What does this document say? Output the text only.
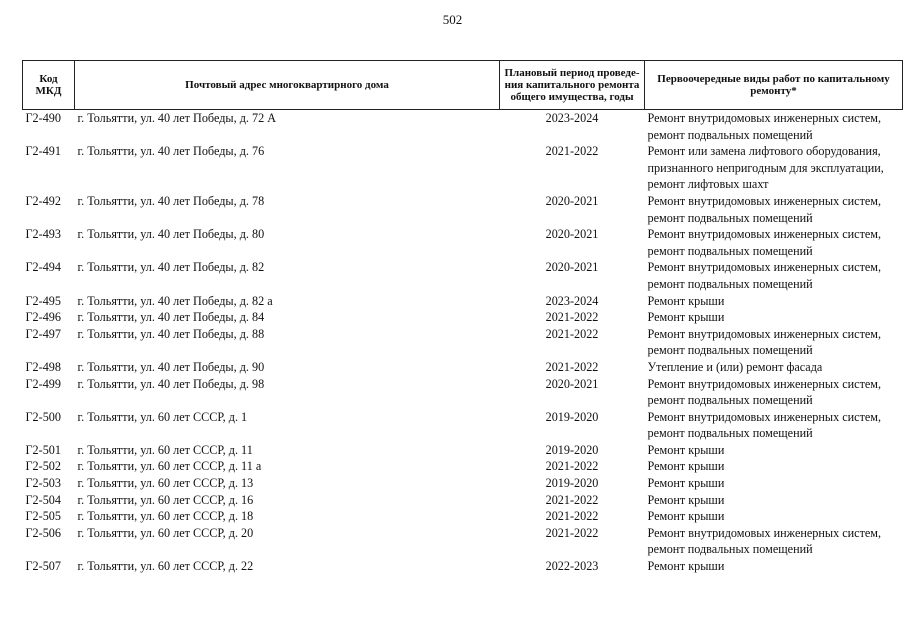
502
Код МКД	Почтовый адрес многоквартирного дома	Плановый период проведе-ния капитального ремонта общего имущества, годы	Первоочередные виды работ по капитальному ремонту*
Г2-490	г. Тольятти, ул. 40 лет Победы, д. 72 А	2023-2024	Ремонт внутридомовых инженерных систем,
ремонт подвальных помещений

Г2-491	г. Тольятти, ул. 40 лет Победы, д. 76	2021-2022	Ремонт или замена лифтового оборудования,
признанного непригодным для эксплуатации,
ремонт лифтовых шахт

Г2-492	г. Тольятти, ул. 40 лет Победы, д. 78	2020-2021	Ремонт внутридомовых инженерных систем,
ремонт подвальных помещений

Г2-493	г. Тольятти, ул. 40 лет Победы, д. 80	2020-2021	Ремонт внутридомовых инженерных систем,
ремонт подвальных помещений

Г2-494	г. Тольятти, ул. 40 лет Победы, д. 82	2020-2021	Ремонт внутридомовых инженерных систем,
ремонт подвальных помещений

Г2-495	г. Тольятти, ул. 40 лет Победы, д. 82 а	2023-2024	Ремонт крыши

Г2-496	г. Тольятти, ул. 40 лет Победы, д. 84	2021-2022	Ремонт крыши

Г2-497	г. Тольятти, ул. 40 лет Победы, д. 88	2021-2022	Ремонт внутридомовых инженерных систем,
ремонт подвальных помещений

Г2-498	г. Тольятти, ул. 40 лет Победы, д. 90	2021-2022	Утепление и (или) ремонт фасада

Г2-499	г. Тольятти, ул. 40 лет Победы, д. 98	2020-2021	Ремонт внутридомовых инженерных систем,
ремонт подвальных помещений

Г2-500	г. Тольятти, ул. 60 лет СССР, д. 1	2019-2020	Ремонт внутридомовых инженерных систем,
ремонт подвальных помещений

Г2-501	г. Тольятти, ул. 60 лет СССР, д. 11	2019-2020	Ремонт крыши

Г2-502	г. Тольятти, ул. 60 лет СССР, д. 11 а	2021-2022	Ремонт крыши

Г2-503	г. Тольятти, ул. 60 лет СССР, д. 13	2019-2020	Ремонт крыши

Г2-504	г. Тольятти, ул. 60 лет СССР, д. 16	2021-2022	Ремонт крыши

Г2-505	г. Тольятти, ул. 60 лет СССР, д. 18	2021-2022	Ремонт крыши

Г2-506	г. Тольятти, ул. 60 лет СССР, д. 20	2021-2022	Ремонт внутридомовых инженерных систем,
ремонт подвальных помещений

Г2-507	г. Тольятти, ул. 60 лет СССР, д. 22	2022-2023	Ремонт крыши
